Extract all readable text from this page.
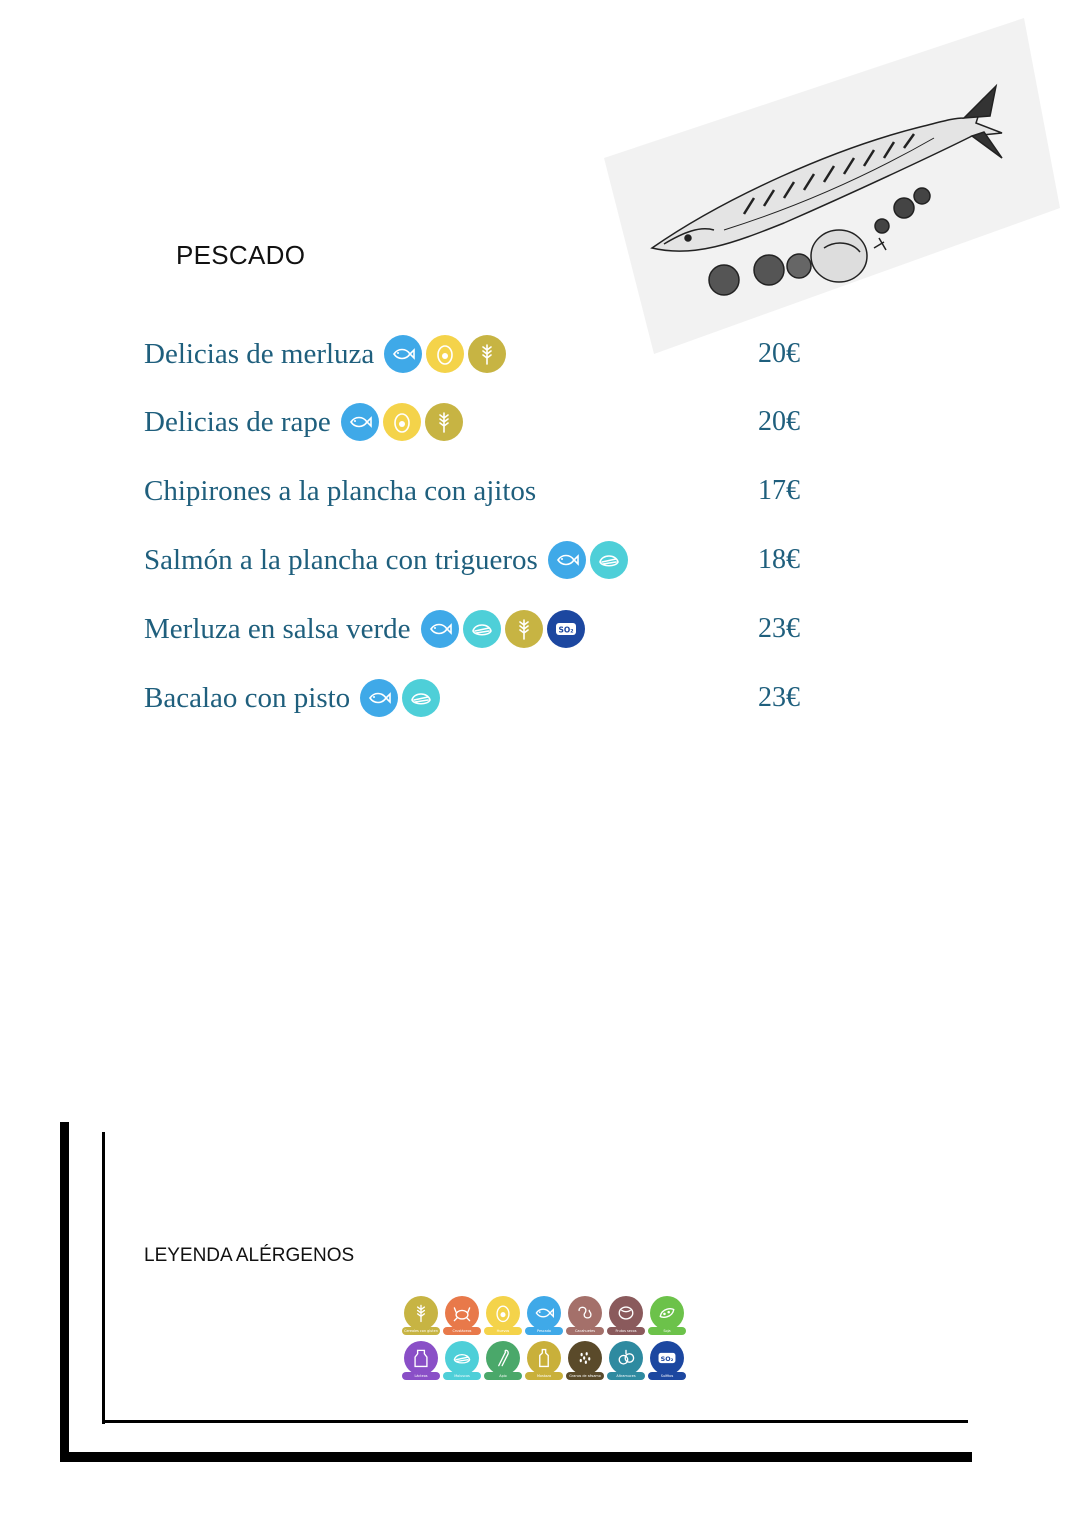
PESCADO
Delicias de merluza	20€
Delicias de rape	20€
Chipirones a la plancha con ajitos	17€
Salmón a la plancha con trigueros	18€
Merluza en salsa verde	SO₂	23€
Bacalao con pisto	23€
LEYENDA ALÉRGENOS
Cereales con gluten	Crustáceos	Huevos	Pescado	Cacahuetes	Frutos secos	Soja
Lácteos	Moluscos	Apio	Mostaza	Granos de sésamo	Altramuces
SO₂
Sulfitos
